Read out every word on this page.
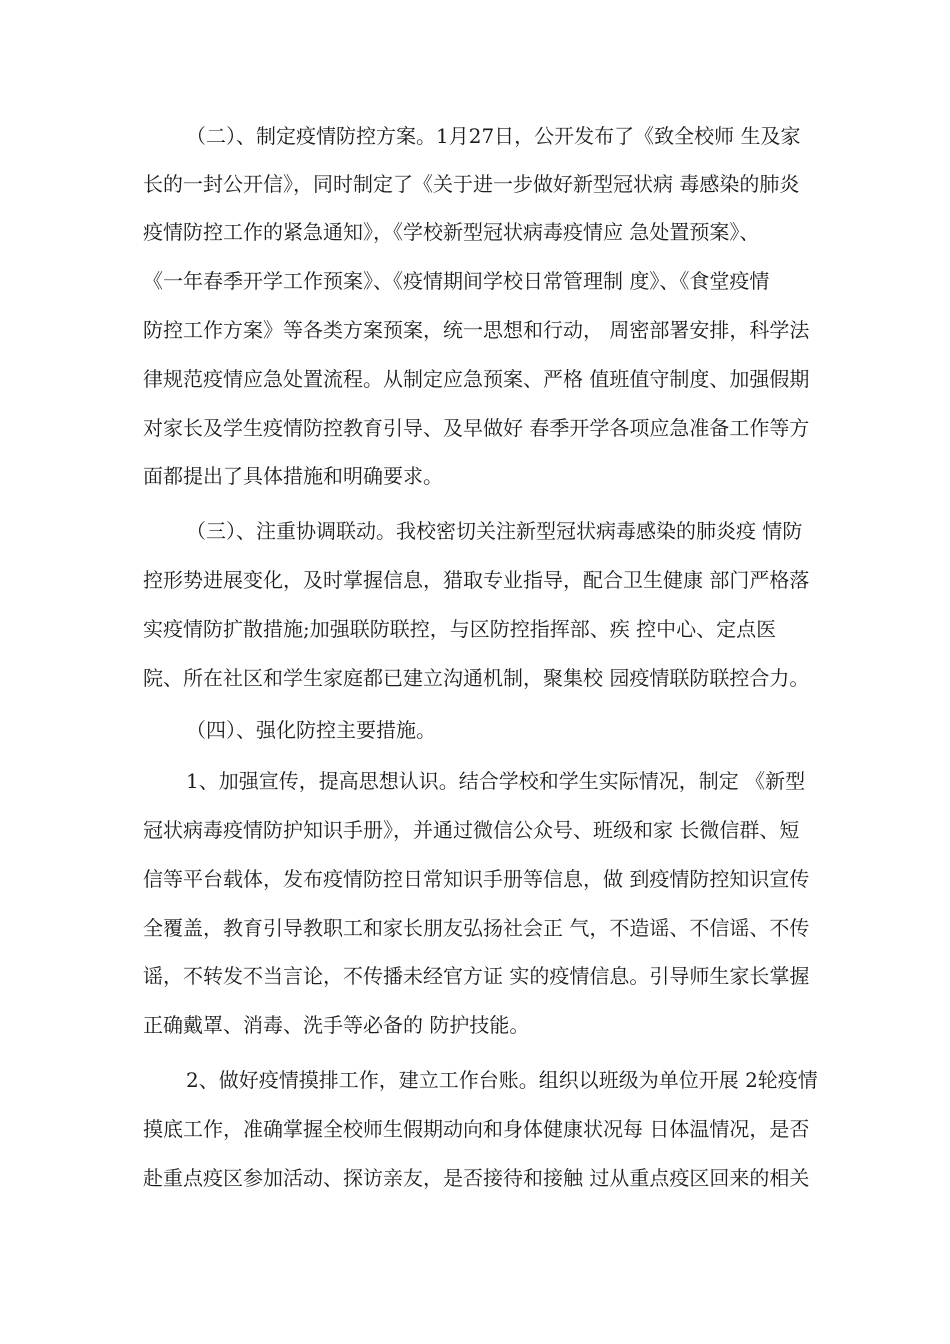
（二）、制定疫情防控方案。1月27日，公开发布了《致全校师 生及家
长的一封公开信》，同时制定了《关于进一步做好新型冠状病 毒感染的肺炎
疫情防控工作的紧急通知》，《学校新型冠状病毒疫情应 急处置预案》、
《一年春季开学工作预案》、《疫情期间学校日常管理制 度》、《食堂疫情
防控工作方案》等各类方案预案，统一思想和行动， 周密部署安排，科学法
律规范疫情应急处置流程。从制定应急预案、严格 值班值守制度、加强假期
对家长及学生疫情防控教育引导、及早做好 春季开学各项应急准备工作等方
面都提出了具体措施和明确要求。
（三）、注重协调联动。我校密切关注新型冠状病毒感染的肺炎疫 情防
控形势进展变化，及时掌握信息，猎取专业指导，配合卫生健康 部门严格落
实疫情防扩散措施;加强联防联控，与区防控指挥部、疾 控中心、定点医
院、所在社区和学生家庭都已建立沟通机制，聚集校 园疫情联防联控合力。
（四）、强化防控主要措施。
1、加强宣传，提高思想认识。结合学校和学生实际情况，制定 《新型
冠状病毒疫情防护知识手册》，并通过微信公众号、班级和家 长微信群、短
信等平台载体，发布疫情防控日常知识手册等信息，做 到疫情防控知识宣传
全覆盖，教育引导教职工和家长朋友弘扬社会正 气，不造谣、不信谣、不传
谣，不转发不当言论，不传播未经官方证 实的疫情信息。引导师生家长掌握
正确戴罩、消毒、洗手等必备的 防护技能。
2、做好疫情摸排工作，建立工作台账。组织以班级为单位开展 2轮疫情
摸底工作，准确掌握全校师生假期动向和身体健康状况每 日体温情况，是否
赴重点疫区参加活动、探访亲友，是否接待和接触 过从重点疫区回来的相关
